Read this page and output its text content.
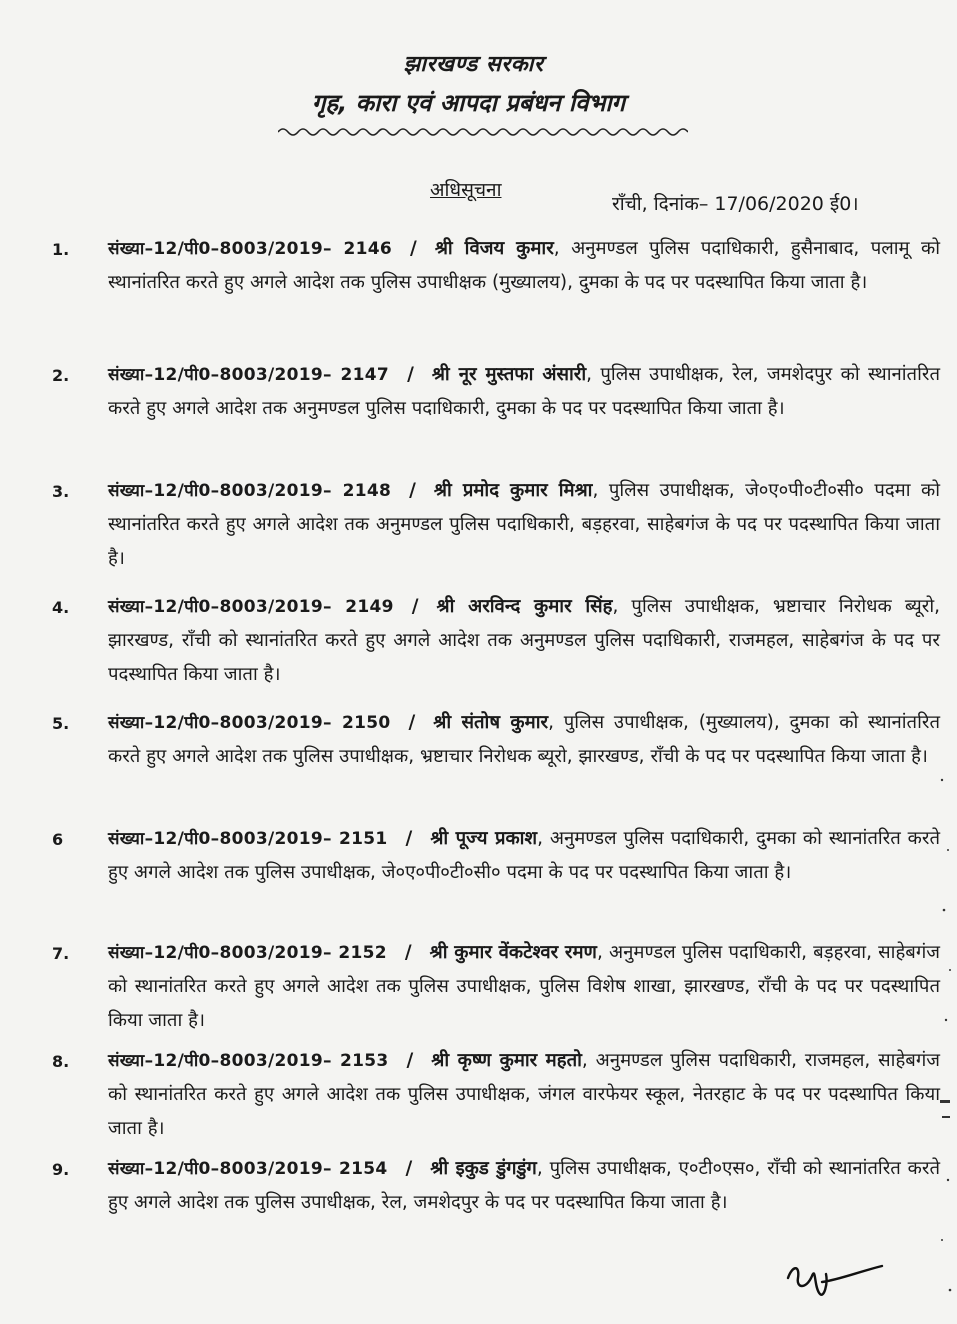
झारखण्ड सरकार
गृह, कारा एवं आपदा प्रबंधन विभाग
अधिसूचना
राँची, दिनांक– 17/06/2020 ई0।
1. संख्या–12/पी0–8003/2019– 2146 / श्री विजय कुमार, अनुमण्डल पुलिस पदाधिकारी, हुसैनाबाद, पलामू को स्थानांतरित करते हुए अगले आदेश तक पुलिस उपाधीक्षक (मुख्यालय), दुमका के पद पर पदस्थापित किया जाता है।
2. संख्या–12/पी0–8003/2019– 2147 / श्री नूर मुस्तफा अंसारी, पुलिस उपाधीक्षक, रेल, जमशेदपुर को स्थानांतरित करते हुए अगले आदेश तक अनुमण्डल पुलिस पदाधिकारी, दुमका के पद पर पदस्थापित किया जाता है।
3. संख्या–12/पी0–8003/2019– 2148 / श्री प्रमोद कुमार मिश्रा, पुलिस उपाधीक्षक, जे०ए०पी०टी०सी० पदमा को स्थानांतरित करते हुए अगले आदेश तक अनुमण्डल पुलिस पदाधिकारी, बड़हरवा, साहेबगंज के पद पर पदस्थापित किया जाता है।
4. संख्या–12/पी0–8003/2019– 2149 / श्री अरविन्द कुमार सिंह, पुलिस उपाधीक्षक, भ्रष्टाचार निरोधक ब्यूरो, झारखण्ड, राँची को स्थानांतरित करते हुए अगले आदेश तक अनुमण्डल पुलिस पदाधिकारी, राजमहल, साहेबगंज के पद पर पदस्थापित किया जाता है।
5. संख्या–12/पी0–8003/2019– 2150 / श्री संतोष कुमार, पुलिस उपाधीक्षक, (मुख्यालय), दुमका को स्थानांतरित करते हुए अगले आदेश तक पुलिस उपाधीक्षक, भ्रष्टाचार निरोधक ब्यूरो, झारखण्ड, राँची के पद पर पदस्थापित किया जाता है।
6	संख्या–12/पी0–8003/2019– 2151 / श्री पूज्य प्रकाश, अनुमण्डल पुलिस पदाधिकारी, दुमका को स्थानांतरित करते हुए अगले आदेश तक पुलिस उपाधीक्षक, जे०ए०पी०टी०सी० पदमा के पद पर पदस्थापित किया जाता है।
7. संख्या–12/पी0–8003/2019– 2152 / श्री कुमार वेंकटेश्वर रमण, अनुमण्डल पुलिस पदाधिकारी, बड़हरवा, साहेबगंज को स्थानांतरित करते हुए अगले आदेश तक पुलिस उपाधीक्षक, पुलिस विशेष शाखा, झारखण्ड, राँची के पद पर पदस्थापित किया जाता है।
8. संख्या–12/पी0–8003/2019– 2153 / श्री कृष्ण कुमार महतो, अनुमण्डल पुलिस पदाधिकारी, राजमहल, साहेबगंज को स्थानांतरित करते हुए अगले आदेश तक पुलिस उपाधीक्षक, जंगल वारफेयर स्कूल, नेतरहाट के पद पर पदस्थापित किया जाता है।
9. संख्या–12/पी0–8003/2019– 2154 / श्री इकुड डुंगडुंग, पुलिस उपाधीक्षक, ए०टी०एस०, राँची को स्थानांतरित करते हुए अगले आदेश तक पुलिस उपाधीक्षक, रेल, जमशेदपुर के पद पर पदस्थापित किया जाता है।
